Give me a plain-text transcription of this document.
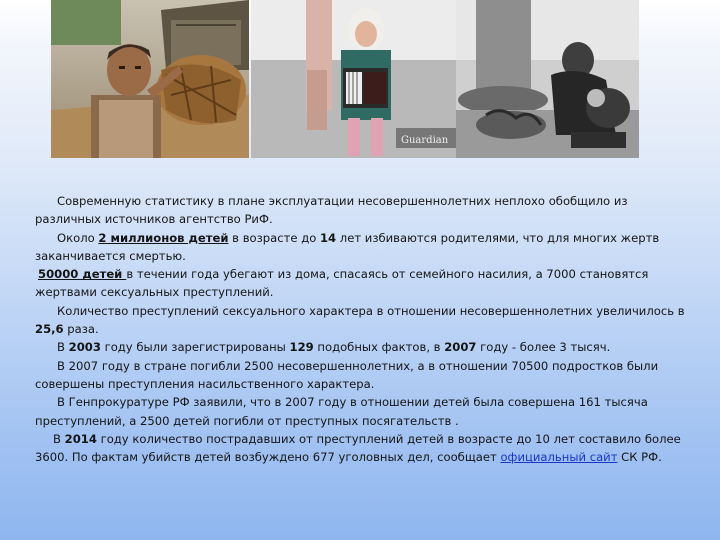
Guardian

Современную статистику в плане эксплуатации несовершеннолетних неплохо обобщило из различных источников агентство РиФ.

Около 2 миллионов детей в возрасте до 14 лет избиваются родителями, что для многих жертв заканчивается смертью.

50000 детей в течении года убегают из дома, спасаясь от семейного насилия, а 7000 становятся жертвами сексуальных преступлений.

Количество преступлений сексуального характера в отношении несовершеннолетних увеличилось в 25,6 раза.

В 2003 году были зарегистрированы 129 подобных фактов, в 2007 году - более 3 тысяч.

В 2007 году в стране погибли 2500 несовершеннолетних, а в отношении 70500 подростков были совершены преступления насильственного характера.

В Генпрокуратуре РФ заявили, что в 2007 году в отношении детей была совершена 161 тысяча преступлений, а 2500 детей погибли от преступных посягательств .

В 2014 году количество пострадавших от преступлений детей в возрасте до 10 лет составило более 3600. По фактам убийств детей возбуждено 677 уголовных дел, сообщает официальный сайт СК РФ.
